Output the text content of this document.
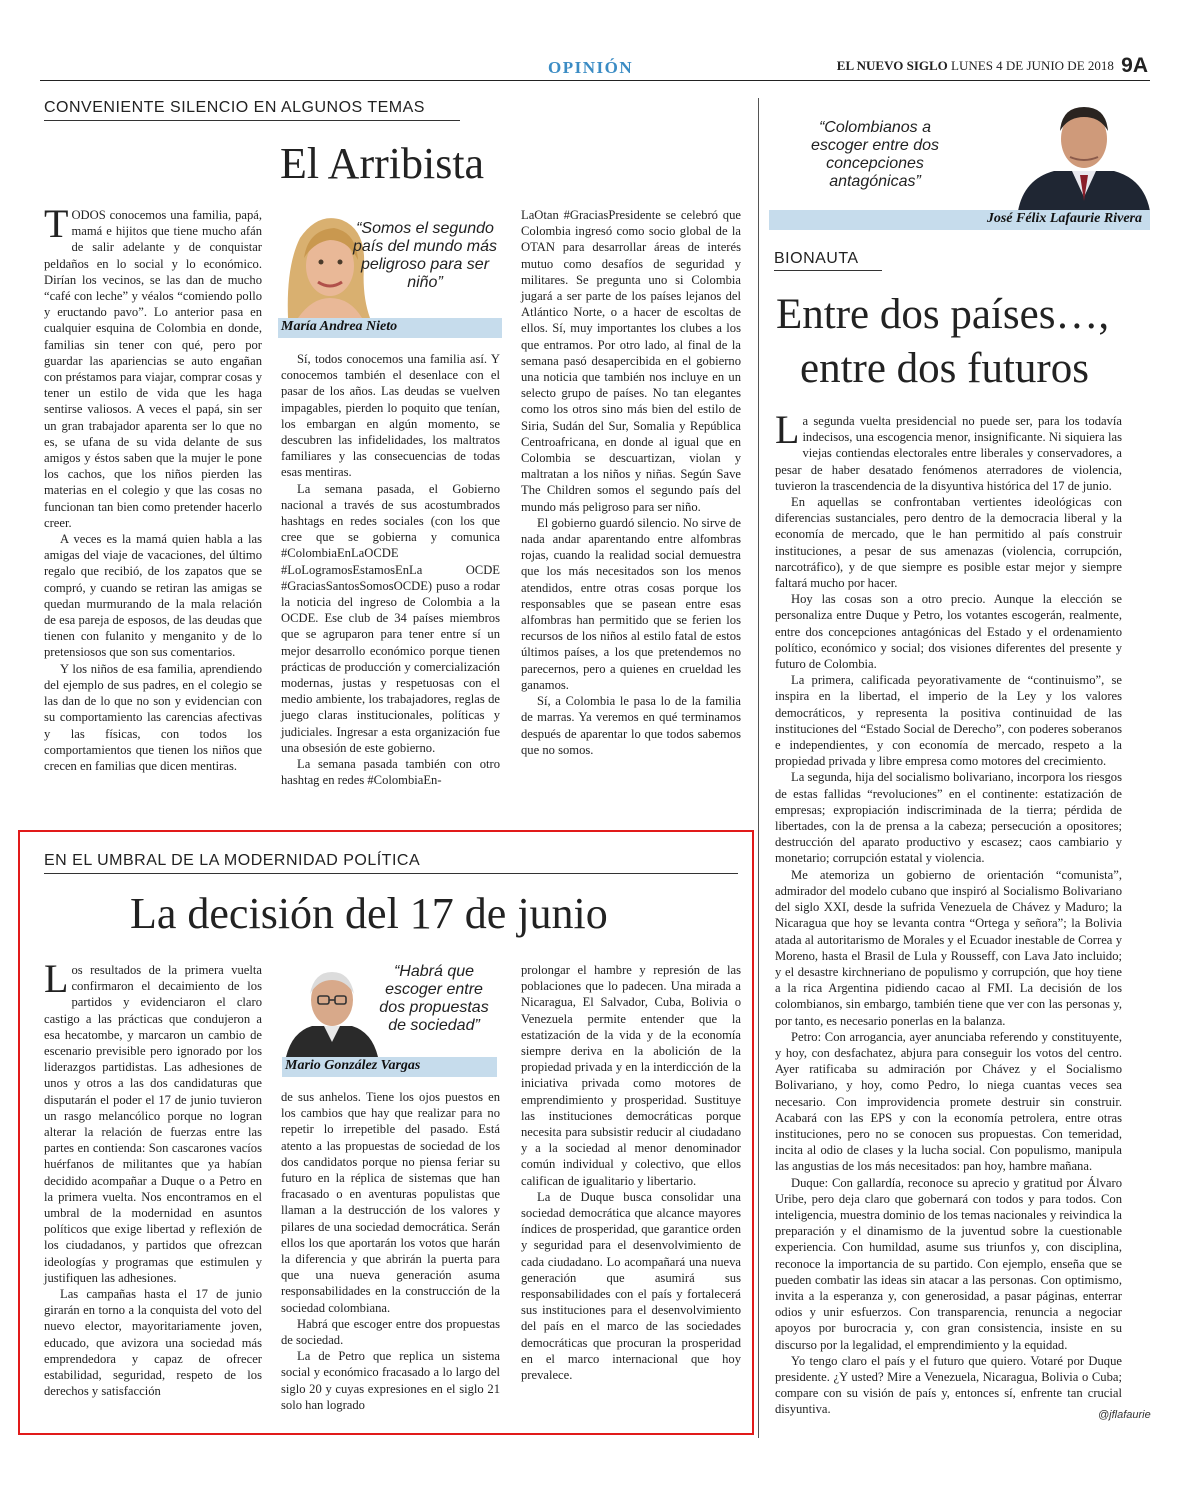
OPINIÓN	EL NUEVO SIGLO LUNES 4 DE JUNIO DE 2018 9A
CONVENIENTE SILENCIO EN ALGUNOS TEMAS
El Arribista

TODOS conocemos una familia, papá, mamá e hijitos que tiene mucho afán de salir adelante y de conquistar peldaños en lo social y lo económico. Dirían los vecinos, se las dan de mucho “café con leche” y véalos “comiendo pollo y eructando pavo”. Lo anterior pasa en cualquier esquina de Colombia en donde, familias sin tener con qué, pero por guardar las apariencias se auto engañan con préstamos para viajar, comprar cosas y tener un estilo de vida que les haga sentirse valiosos. A veces el papá, sin ser un gran trabajador aparenta ser lo que no es, se ufana de su vida delante de sus amigos y éstos saben que la mujer le pone los cachos, que los niños pierden las materias en el colegio y que las cosas no funcionan tan bien como pretender hacerlo creer.

A veces es la mamá quien habla a las amigas del viaje de vacaciones, del último regalo que recibió, de los zapatos que se compró, y cuando se retiran las amigas se quedan murmurando de la mala relación de esa pareja de esposos, de las deudas que tienen con fulanito y menganito y de lo pretensiosos que son sus comentarios.

Y los niños de esa familia, aprendiendo del ejemplo de sus padres, en el colegio se las dan de lo que no son y evidencian con su comportamiento las carencias afectivas y las físicas, con todos los comportamientos que tienen los niños que crecen en familias que dicen mentiras.

“Somos el segundo país del mundo más peligroso para ser niño”
María Andrea Nieto

Sí, todos conocemos una familia así. Y conocemos también el desenlace con el pasar de los años. Las deudas se vuelven impagables, pierden lo poquito que tenían, los embargan en algún momento, se descubren las infidelidades, los maltratos familiares y las consecuencias de todas esas mentiras.

La semana pasada, el Gobierno nacional a través de sus acostumbrados hashtags en redes sociales (con los que cree que se gobierna y comunica #ColombiaEnLaOCDE #LoLogramosEstamosEnLa OCDE #GraciasSantosSomosOCDE) puso a rodar la noticia del ingreso de Colombia a la OCDE. Ese club de 34 países miembros que se agruparon para tener entre sí un mejor desarrollo económico porque tienen prácticas de producción y comercialización modernas, justas y respetuosas con el medio ambiente, los trabajadores, reglas de juego claras institucionales, políticas y judiciales. Ingresar a esta organización fue una obsesión de este gobierno.

La semana pasada también con otro hashtag en redes #ColombiaEn-

LaOtan #GraciasPresidente se celebró que Colombia ingresó como socio global de la OTAN para desarrollar áreas de interés mutuo como desafíos de seguridad y militares. Se pregunta uno si Colombia jugará a ser parte de los países lejanos del Atlántico Norte, o a hacer de escoltas de ellos. Sí, muy importantes los clubes a los que entramos. Por otro lado, al final de la semana pasó desapercibida en el gobierno una noticia que también nos incluye en un selecto grupo de países. No tan elegantes como los otros sino más bien del estilo de Siria, Sudán del Sur, Somalia y República Centroafricana, en donde al igual que en Colombia se descuartizan, violan y maltratan a los niños y niñas. Según Save The Children somos el segundo país del mundo más peligroso para ser niño.

El gobierno guardó silencio. No sirve de nada andar aparentando entre alfombras rojas, cuando la realidad social demuestra que los más necesitados son los menos atendidos, entre otras cosas porque los responsables que se pasean entre esas alfombras han permitido que se ferien los recursos de los niños al estilo fatal de estos últimos países, a los que pretendemos no parecernos, pero a quienes en crueldad les ganamos.

Sí, a Colombia le pasa lo de la familia de marras. Ya veremos en qué terminamos después de aparentar lo que todos sabemos que no somos.

EN EL UMBRAL DE LA MODERNIDAD POLÍTICA
La decisión del 17 de junio

Los resultados de la primera vuelta confirmaron el decaimiento de los partidos y evidenciaron el claro castigo a las prácticas que condujeron a esa hecatombe, y marcaron un cambio de escenario previsible pero ignorado por los liderazgos partidistas. Las adhesiones de unos y otros a las dos candidaturas que disputarán el poder el 17 de junio tuvieron un rasgo melancólico porque no logran alterar la relación de fuerzas entre las partes en contienda: Son cascarones vacíos huérfanos de militantes que ya habían decidido acompañar a Duque o a Petro en la primera vuelta. Nos encontramos en el umbral de la modernidad en asuntos políticos que exige libertad y reflexión de los ciudadanos, y partidos que ofrezcan ideologías y programas que estimulen y justifiquen las adhesiones.

Las campañas hasta el 17 de junio girarán en torno a la conquista del voto del nuevo elector, mayoritariamente joven, educado, que avizora una sociedad más emprendedora y capaz de ofrecer estabilidad, seguridad, respeto de los derechos y satisfacción

“Habrá que escoger entre dos propuestas de sociedad”
Mario González Vargas

de sus anhelos. Tiene los ojos puestos en los cambios que hay que realizar para no repetir lo irrepetible del pasado. Está atento a las propuestas de sociedad de los dos candidatos porque no piensa feriar su futuro en la réplica de sistemas que han fracasado o en aventuras populistas que llaman a la destrucción de los valores y pilares de una sociedad democrática. Serán ellos los que aportarán los votos que harán la diferencia y que abrirán la puerta para que una nueva generación asuma responsabilidades en la construcción de la sociedad colombiana.

Habrá que escoger entre dos propuestas de sociedad.

La de Petro que replica un sistema social y económico fracasado a lo largo del siglo 20 y cuyas expresiones en el siglo 21 solo han logrado

prolongar el hambre y represión de las poblaciones que lo padecen. Una mirada a Nicaragua, El Salvador, Cuba, Bolivia o Venezuela permite entender que la estatización de la vida y de la economía siempre deriva en la abolición de la propiedad privada y en la interdicción de la iniciativa privada como motores de emprendimiento y prosperidad. Sustituye las instituciones democráticas porque necesita para subsistir reducir al ciudadano y a la sociedad al menor denominador común individual y colectivo, que ellos califican de igualitario y libertario.

La de Duque busca consolidar una sociedad democrática que alcance mayores índices de prosperidad, que garantice orden y seguridad para el desenvolvimiento de cada ciudadano. Lo acompañará una nueva generación que asumirá sus responsabilidades con el país y fortalecerá sus instituciones para el desenvolvimiento del país en el marco de las sociedades democráticas que procuran la prosperidad en el marco internacional que hoy prevalece.

“Colombianos a escoger entre dos concepciones antagónicas”
José Félix Lafaurie Rivera
BIONAUTA
Entre dos países…,
entre dos futuros

La segunda vuelta presidencial no puede ser, para los todavía indecisos, una escogencia menor, insignificante. Ni siquiera las viejas contiendas electorales entre liberales y conservadores, a pesar de haber desatado fenómenos aterradores de violencia, tuvieron la trascendencia de la disyuntiva histórica del 17 de junio.

En aquellas se confrontaban vertientes ideológicas con diferencias sustanciales, pero dentro de la democracia liberal y la economía de mercado, que le han permitido al país construir instituciones, a pesar de sus amenazas (violencia, corrupción, narcotráfico), y de que siempre es posible estar mejor y siempre faltará mucho por hacer.

Hoy las cosas son a otro precio. Aunque la elección se personaliza entre Duque y Petro, los votantes escogerán, realmente, entre dos concepciones antagónicas del Estado y el ordenamiento político, económico y social; dos visiones diferentes del presente y futuro de Colombia.

La primera, calificada peyorativamente de “continuismo”, se inspira en la libertad, el imperio de la Ley y los valores democráticos, y representa la positiva continuidad de las instituciones del “Estado Social de Derecho”, con poderes soberanos e independientes, y con economía de mercado, respeto a la propiedad privada y libre empresa como motores del crecimiento.

La segunda, hija del socialismo bolivariano, incorpora los riesgos de estas fallidas “revoluciones” en el continente: estatización de empresas; expropiación indiscriminada de la tierra; pérdida de libertades, con la de prensa a la cabeza; persecución a opositores; destrucción del aparato productivo y escasez; caos cambiario y monetario; corrupción estatal y violencia.

Me atemoriza un gobierno de orientación “comunista”, admirador del modelo cubano que inspiró al Socialismo Bolivariano del siglo XXI, desde la sufrida Venezuela de Chávez y Maduro; la Nicaragua que hoy se levanta contra “Ortega y señora”; la Bolivia atada al autoritarismo de Morales y el Ecuador inestable de Correa y Moreno, hasta el Brasil de Lula y Rousseff, con Lava Jato incluido; y el desastre kirchneriano de populismo y corrupción, que hoy tiene a la rica Argentina pidiendo cacao al FMI. La decisión de los colombianos, sin embargo, también tiene que ver con las personas y, por tanto, es necesario ponerlas en la balanza.

Petro: Con arrogancia, ayer anunciaba referendo y constituyente, y hoy, con desfachatez, abjura para conseguir los votos del centro. Ayer ratificaba su admiración por Chávez y el Socialismo Bolivariano, y hoy, como Pedro, lo niega cuantas veces sea necesario. Con improvidencia promete destruir sin construir. Acabará con las EPS y con la economía petrolera, entre otras instituciones, pero no se conocen sus propuestas. Con temeridad, incita al odio de clases y la lucha social. Con populismo, manipula las angustias de los más necesitados: pan hoy, hambre mañana.

Duque: Con gallardía, reconoce su aprecio y gratitud por Álvaro Uribe, pero deja claro que gobernará con todos y para todos. Con inteligencia, muestra dominio de los temas nacionales y reivindica la preparación y el dinamismo de la juventud sobre la cuestionable experiencia. Con humildad, asume sus triunfos y, con disciplina, reconoce la importancia de su partido. Con ejemplo, enseña que se pueden combatir las ideas sin atacar a las personas. Con optimismo, invita a la esperanza y, con generosidad, a pasar páginas, enterrar odios y unir esfuerzos. Con transparencia, renuncia a negociar apoyos por burocracia y, con gran consistencia, insiste en su discurso por la legalidad, el emprendimiento y la equidad.

Yo tengo claro el país y el futuro que quiero. Votaré por Duque presidente. ¿Y usted? Mire a Venezuela, Nicaragua, Bolivia o Cuba; compare con su visión de país y, entonces sí, enfrente tan crucial disyuntiva.	@jflafaurie
